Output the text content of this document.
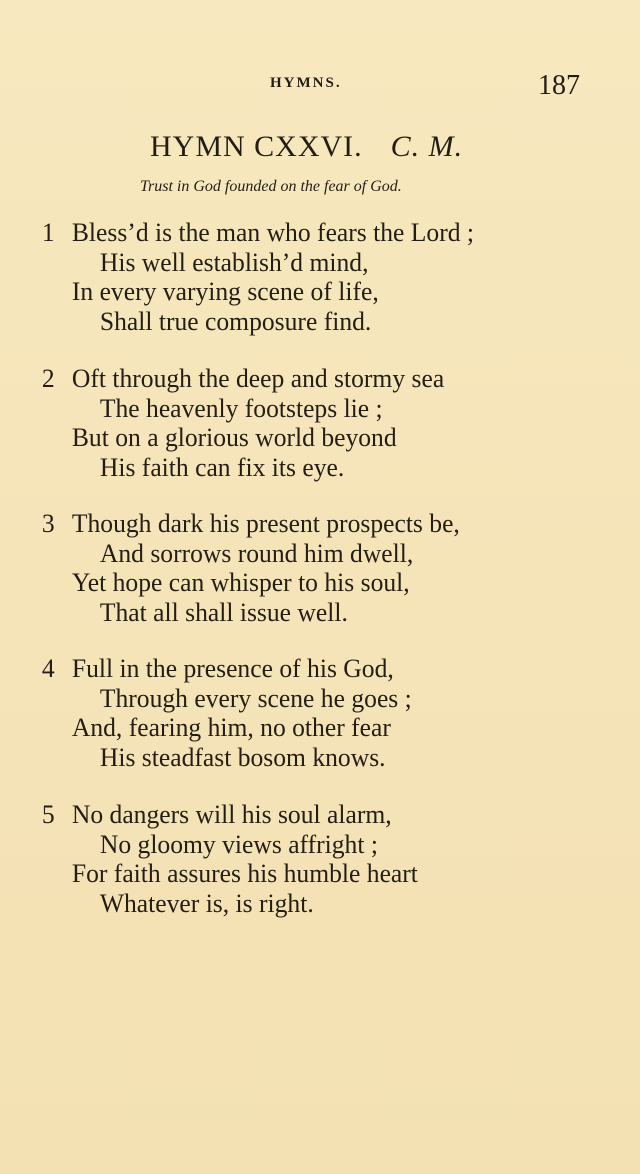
HYMNS.	187
HYMN CXXVI. C. M.
Trust in God founded on the fear of God.
1 Bless’d is the man who fears the Lord ;
His well establish’d mind,
In every varying scene of life,
Shall true composure find.
2 Oft through the deep and stormy sea
The heavenly footsteps lie ;
But on a glorious world beyond
His faith can fix its eye.
3 Though dark his present prospects be,
And sorrows round him dwell,
Yet hope can whisper to his soul,
That all shall issue well.
4 Full in the presence of his God,
Through every scene he goes ;
And, fearing him, no other fear
His steadfast bosom knows.
5 No dangers will his soul alarm,
No gloomy views affright ;
For faith assures his humble heart
Whatever is, is right.
